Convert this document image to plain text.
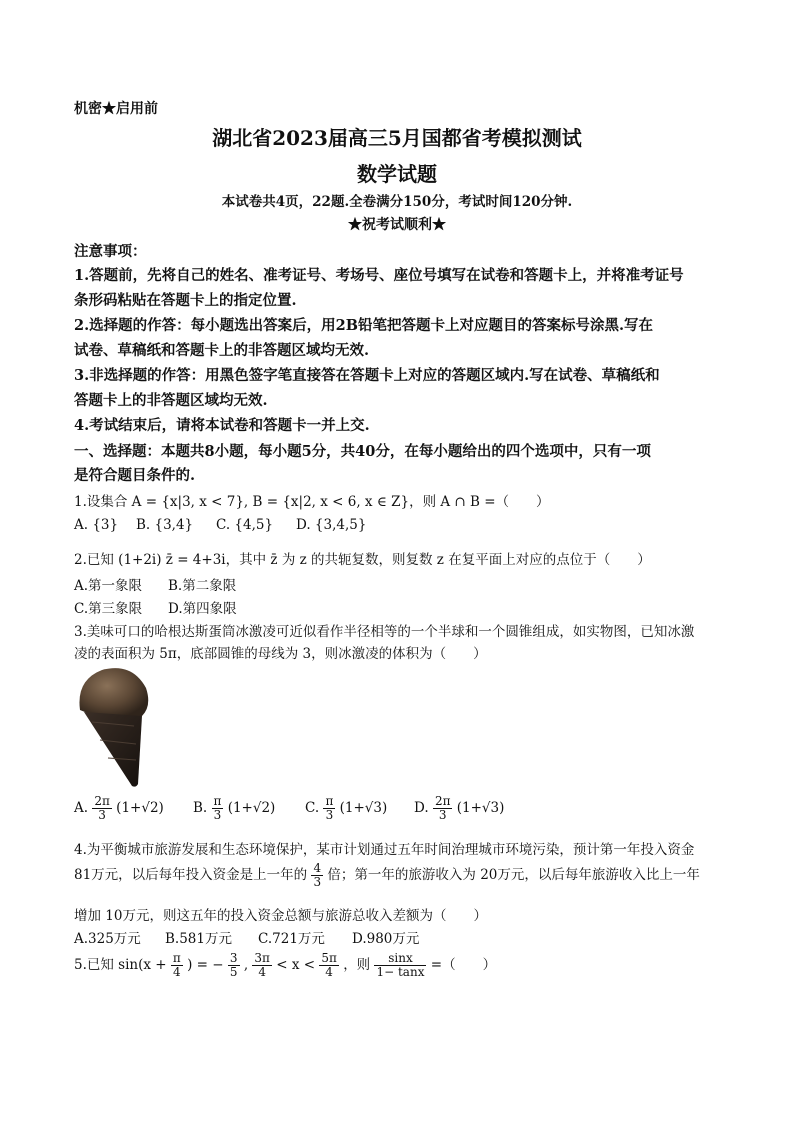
机密★启用前
湖北省2023届高三5月国都省考模拟测试
数学试题
本试卷共4页，22题.全卷满分150分，考试时间120分钟.
★祝考试顺利★
注意事项：
1.答题前，先将自己的姓名、准考证号、考场号、座位号填写在试卷和答题卡上，并将准考证号
条形码粘贴在答题卡上的指定位置.
2.选择题的作答：每小题选出答案后，用2B铅笔把答题卡上对应题目的答案标号涂黑.写在
试卷、草稿纸和答题卡上的非答题区域均无效.
3.非选择题的作答：用黑色签字笔直接答在答题卡上对应的答题区域内.写在试卷、草稿纸和
答题卡上的非答题区域均无效.
4.考试结束后，请将本试卷和答题卡一并上交.
一、选择题：本题共8小题，每小题5分，共40分，在每小题给出的四个选项中，只有一项
是符合题目条件的.
1.设集合 A = {x|3, x < 7}, B = {x|2, x < 6, x ∈ Z}，则 A ∩ B =（　　）
A. {3} B. {3,4} C. {4,5} D. {3,4,5}
2.已知 (1+2i) z̄ = 4+3i，其中 z̄ 为 z 的共轭复数，则复数 z 在复平面上对应的点位于（　　）
A.第一象限 B.第二象限
C.第三象限 D.第四象限
3.美味可口的哈根达斯蛋筒冰激凌可近似看作半径相等的一个半球和一个圆锥组成，如实物图，已知冰激
凌的表面积为 5π，底部圆锥的母线为 3，则冰激凌的体积为（　　）
A. $\frac{2\pi}{3} (1+√2)$ B. $\frac{\pi}{3} (1+√2)$ C. $\frac{\pi}{3} (1+√3)$ D. $\frac{2\pi}{3} (1+√3)$
4.为平衡城市旅游发展和生态环境保护，某市计划通过五年时间治理城市环境污染，预计第一年投入资金
81万元，以后每年投入资金是上一年的 $\frac{4}{3}$ 倍；第一年的旅游收入为 20万元，以后每年旅游收入比上一年
增加 10万元，则这五年的投入资金总额与旅游总收入差额为（　　）
A.325万元 B.581万元 C.721万元 D.980万元
5.已知 $\sin(x + \frac{\pi}{4}$ ) = − $\frac{3}{5}$ , $\frac{3\pi}{4} < x < \frac{5\pi}{4}$ ，则 $\frac{\sin x}{1- \tan x}$ =（　　）
